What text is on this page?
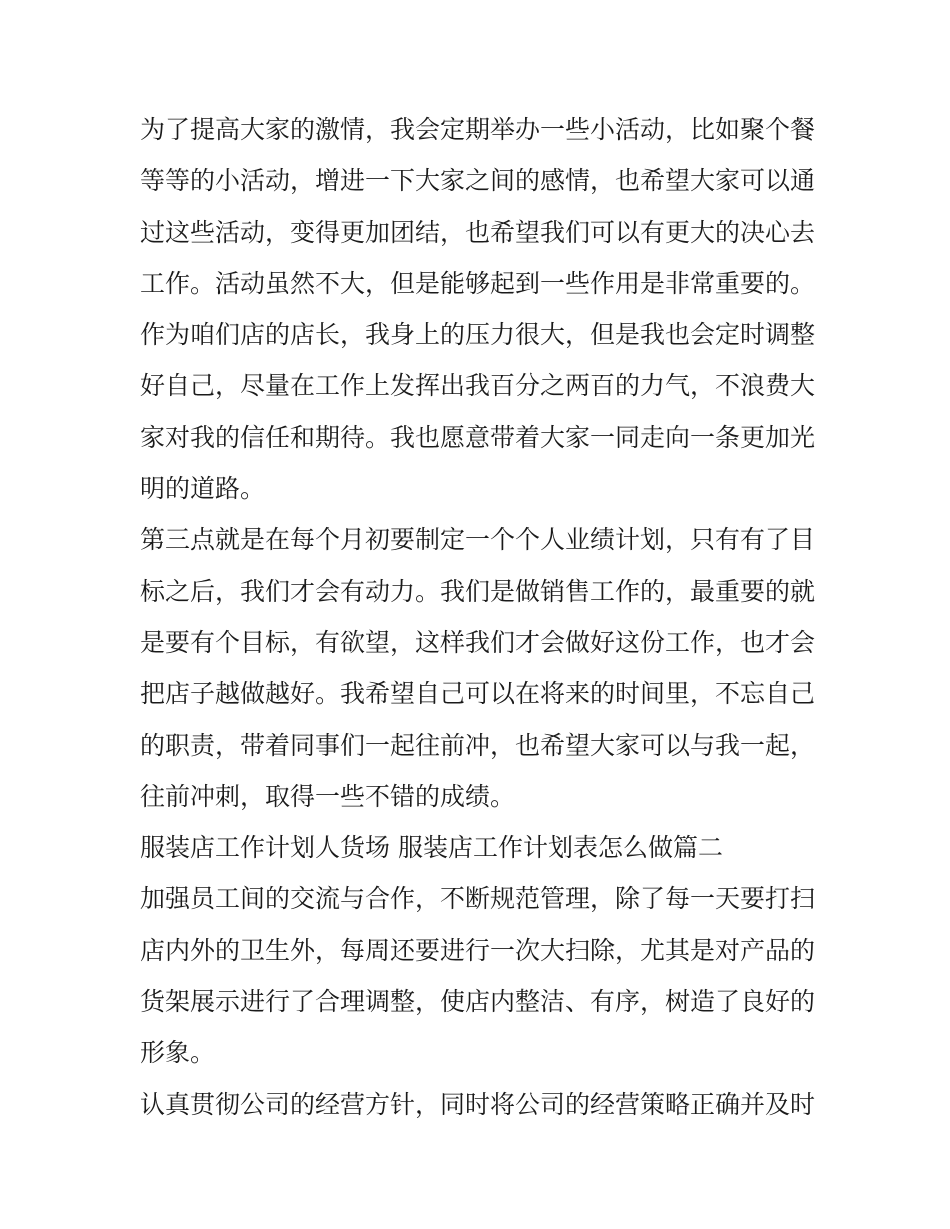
为了提高大家的激情，我会定期举办一些小活动，比如聚个餐等等的小活动，增进一下大家之间的感情，也希望大家可以通过这些活动，变得更加团结，也希望我们可以有更大的决心去工作。活动虽然不大，但是能够起到一些作用是非常重要的。

作为咱们店的店长，我身上的压力很大，但是我也会定时调整好自己，尽量在工作上发挥出我百分之两百的力气，不浪费大家对我的信任和期待。我也愿意带着大家一同走向一条更加光明的道路。

第三点就是在每个月初要制定一个个人业绩计划，只有有了目标之后，我们才会有动力。我们是做销售工作的，最重要的就是要有个目标，有欲望，这样我们才会做好这份工作，也才会把店子越做越好。我希望自己可以在将来的时间里，不忘自己的职责，带着同事们一起往前冲，也希望大家可以与我一起，往前冲刺，取得一些不错的成绩。

服装店工作计划人货场 服装店工作计划表怎么做篇二

加强员工间的交流与合作，不断规范管理，除了每一天要打扫店内外的卫生外，每周还要进行一次大扫除，尤其是对产品的货架展示进行了合理调整，使店内整洁、有序，树造了良好的形象。

认真贯彻公司的经营方针，同时将公司的经营策略正确并及时
